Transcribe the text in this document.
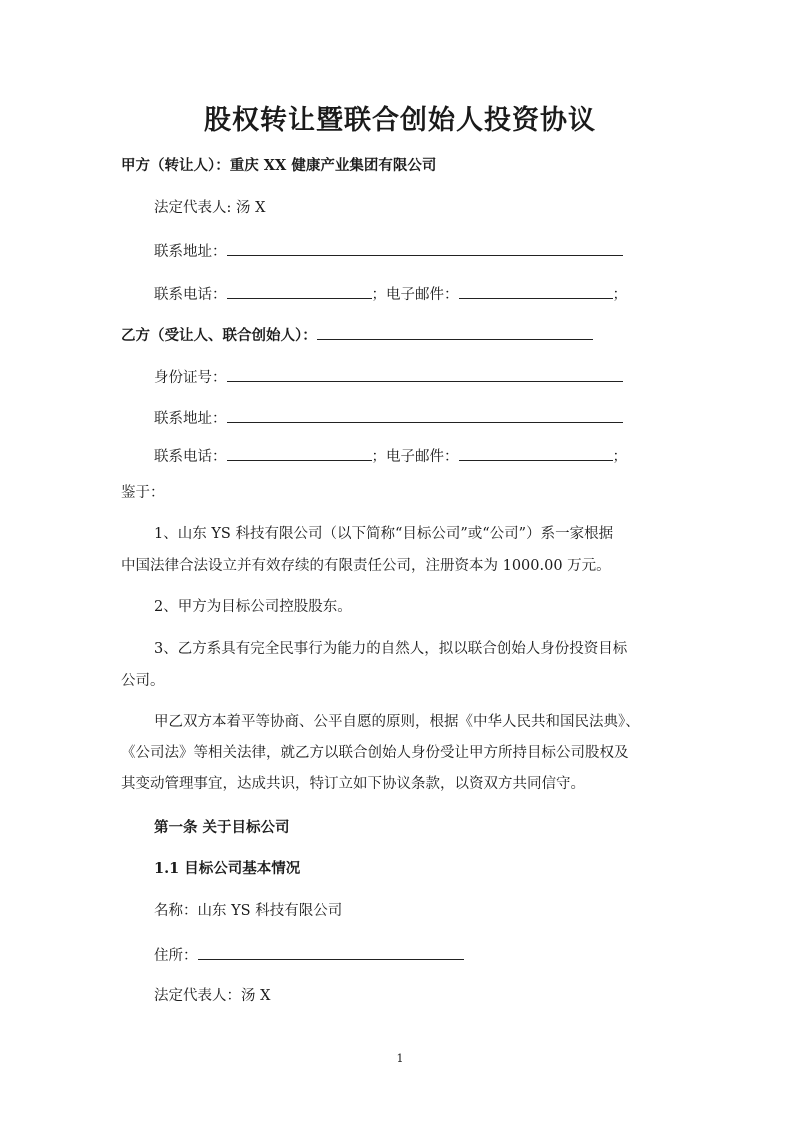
股权转让暨联合创始人投资协议
甲方（转让人）：重庆 XX 健康产业集团有限公司
法定代表人: 汤 X
联系地址：
联系电话：	；电子邮件：	；
乙方（受让人、联合创始人）：
身份证号：
联系地址：
联系电话：	；电子邮件：	；
鉴于：
1、山东 YS 科技有限公司（以下简称“目标公司”或“公司”）系一家根据
中国法律合法设立并有效存续的有限责任公司，注册资本为 1000.00 万元。
2、甲方为目标公司控股股东。
3、乙方系具有完全民事行为能力的自然人，拟以联合创始人身份投资目标
公司。
甲乙双方本着平等协商、公平自愿的原则，根据《中华人民共和国民法典》、
《公司法》等相关法律，就乙方以联合创始人身份受让甲方所持目标公司股权及
其变动管理事宜，达成共识，特订立如下协议条款，以资双方共同信守。
第一条 关于目标公司
1.1 目标公司基本情况
名称：山东 YS 科技有限公司
住所：
法定代表人：汤 X
1
